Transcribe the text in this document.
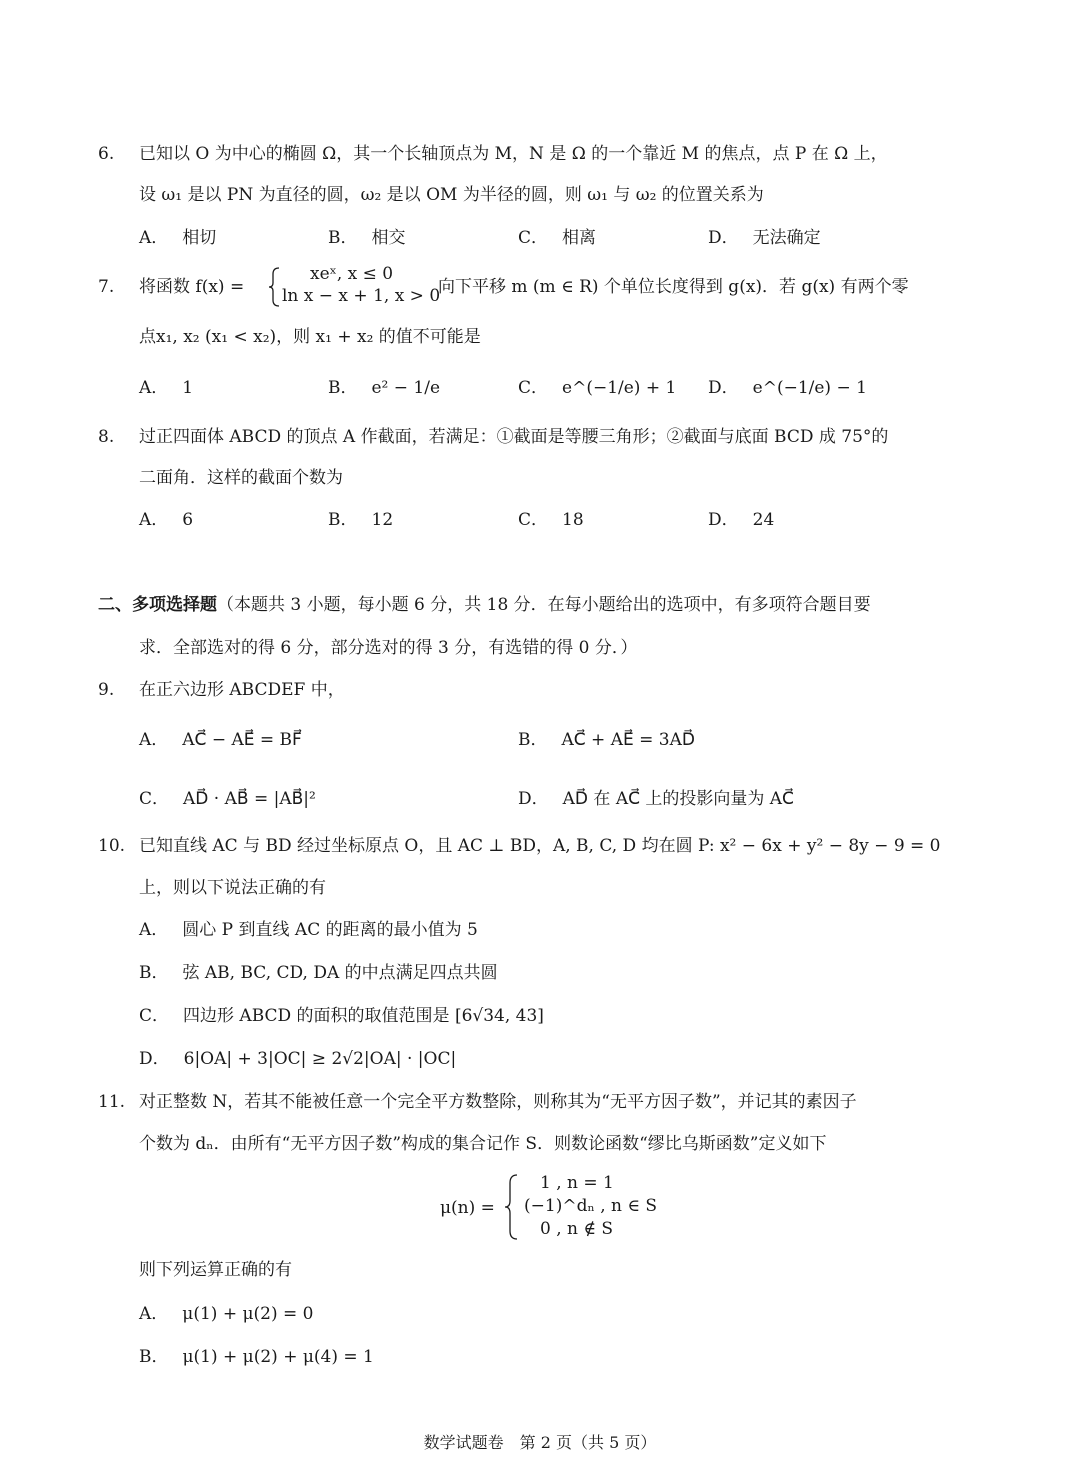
6. 已知以 O 为中心的椭圆 Ω，其一个长轴顶点为 M，N 是 Ω 的一个靠近 M 的焦点，点 P 在 Ω 上，
设 ω₁ 是以 PN 为直径的圆，ω₂ 是以 OM 为半径的圆，则 ω₁ 与 ω₂ 的位置关系为
A． 相切	B． 相交	C． 相离	D． 无法确定
7. 将函数 f(x) =
xeˣ, x ≤ 0
ln x − x + 1, x > 0
向下平移 m (m ∈ R) 个单位长度得到 g(x)．若 g(x) 有两个零
点x₁, x₂ (x₁ < x₂)，则 x₁ + x₂ 的值不可能是
A． 1	B． e² − 1/e	C． e^(−1/e) + 1 D． e^(−1/e) − 1
8. 过正四面体 ABCD 的顶点 A 作截面，若满足：①截面是等腰三角形；②截面与底面 BCD 成 75°的
二面角．这样的截面个数为
A． 6	B． 12	C． 18	D． 24
二、多项选择题（本题共 3 小题，每小题 6 分，共 18 分．在每小题给出的选项中，有多项符合题目要
求．全部选对的得 6 分，部分选对的得 3 分，有选错的得 0 分．）
9. 在正六边形 ABCDEF 中，
A． AC⃗ − AE⃗ = BF⃗	B． AC⃗ + AE⃗ = 3AD⃗
C． AD⃗ · AB⃗ = |AB⃗|²	D． AD⃗ 在 AC⃗ 上的投影向量为 AC⃗
10. 已知直线 AC 与 BD 经过坐标原点 O，且 AC ⊥ BD，A, B, C, D 均在圆 P: x² − 6x + y² − 8y − 9 = 0
上，则以下说法正确的有
A． 圆心 P 到直线 AC 的距离的最小值为 5
B． 弦 AB, BC, CD, DA 的中点满足四点共圆
C． 四边形 ABCD 的面积的取值范围是 [6√34, 43]
D． 6|OA| + 3|OC| ≥ 2√2|OA| · |OC|
11. 对正整数 N，若其不能被任意一个完全平方数整除，则称其为“无平方因子数”，并记其的素因子
个数为 dₙ．由所有“无平方因子数”构成的集合记作 S．则数论函数“缪比乌斯函数”定义如下
μ(n) =
1 , n = 1
(−1)^dₙ , n ∈ S
0 , n ∉ S
则下列运算正确的有
A． μ(1) + μ(2) = 0
B． μ(1) + μ(2) + μ(4) = 1
数学试题卷　第 2 页（共 5 页）
